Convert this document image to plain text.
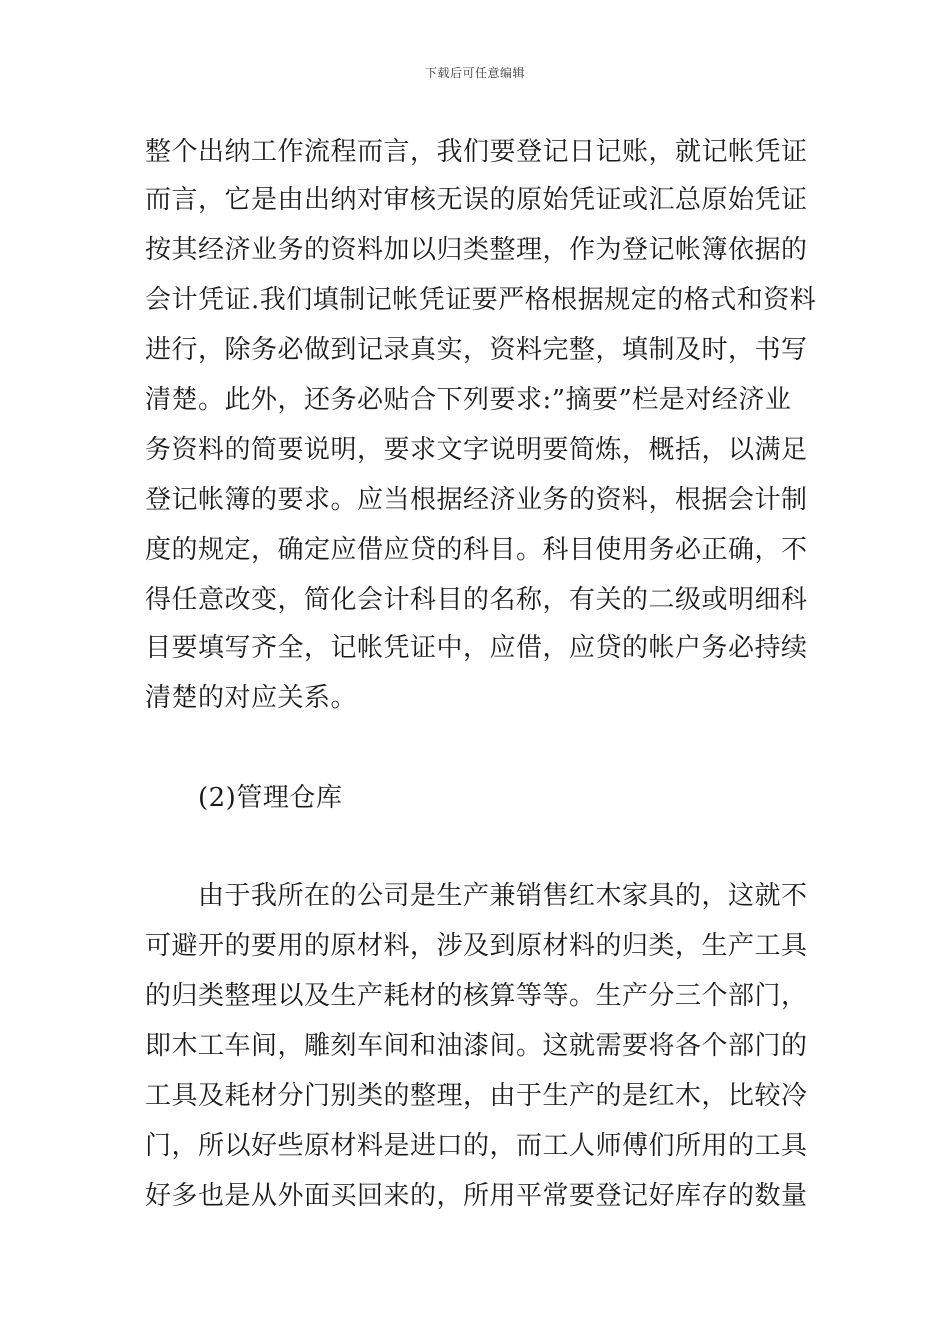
下载后可任意编辑
整个出纳工作流程而言，我们要登记日记账，就记帐凭证
而言，它是由出纳对审核无误的原始凭证或汇总原始凭证
按其经济业务的资料加以归类整理，作为登记帐簿依据的
会计凭证.我们填制记帐凭证要严格根据规定的格式和资料
进行，除务必做到记录真实，资料完整，填制及时，书写
清楚。此外，还务必贴合下列要求:”摘要”栏是对经济业
务资料的简要说明，要求文字说明要简炼，概括，以满足
登记帐簿的要求。应当根据经济业务的资料，根据会计制
度的规定，确定应借应贷的科目。科目使用务必正确，不
得任意改变，简化会计科目的名称，有关的二级或明细科
目要填写齐全，记帐凭证中，应借，应贷的帐户务必持续
清楚的对应关系。
(2)管理仓库
由于我所在的公司是生产兼销售红木家具的，这就不
可避开的要用的原材料，涉及到原材料的归类，生产工具
的归类整理以及生产耗材的核算等等。生产分三个部门，
即木工车间，雕刻车间和油漆间。这就需要将各个部门的
工具及耗材分门别类的整理，由于生产的是红木，比较冷
门，所以好些原材料是进口的，而工人师傅们所用的工具
好多也是从外面买回来的，所用平常要登记好库存的数量
